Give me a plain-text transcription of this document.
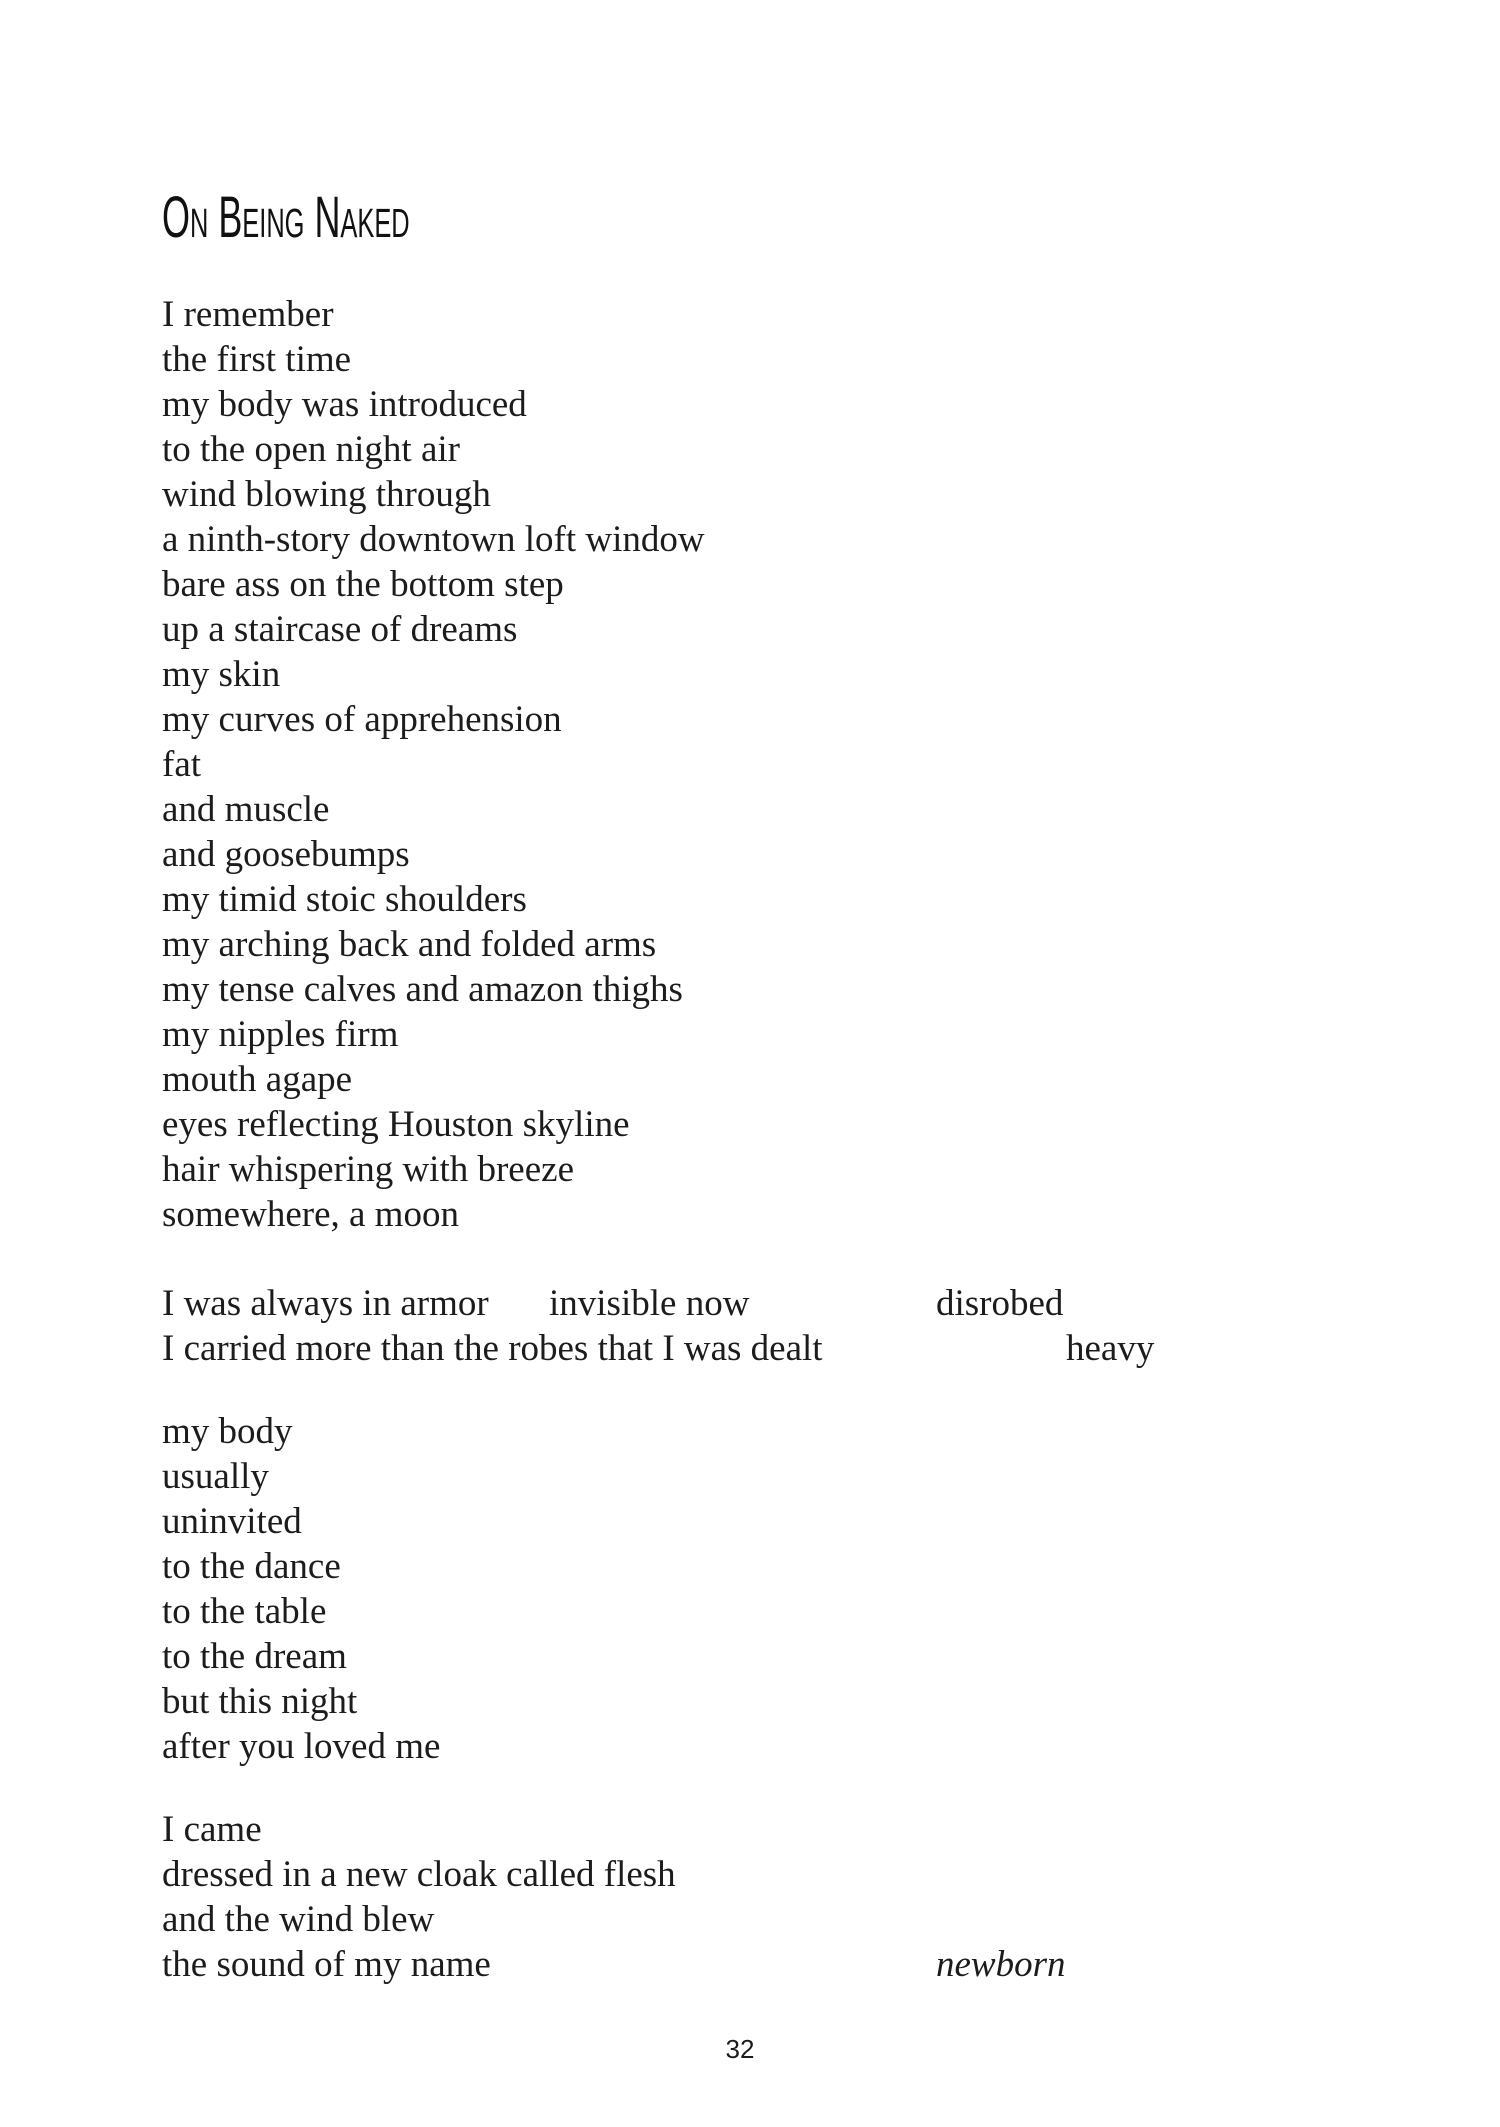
On Being Naked
I remember
the first time
my body was introduced
to the open night air
wind blowing through
a ninth-story downtown loft window
bare ass on the bottom step
up a staircase of dreams
my skin
my curves of apprehension
fat
and muscle
and goosebumps
my timid stoic shoulders
my arching back and folded arms
my tense calves and amazon thighs
my nipples firm
mouth agape
eyes reflecting Houston skyline
hair whispering with breeze
somewhere, a moon
I was always in armor invisible now	disrobed
I carried more than the robes that I was dealt	heavy
my body
usually
uninvited
to the dance
to the table
to the dream
but this night
after you loved me
I came
dressed in a new cloak called flesh
and the wind blew
the sound of my name	newborn
32
